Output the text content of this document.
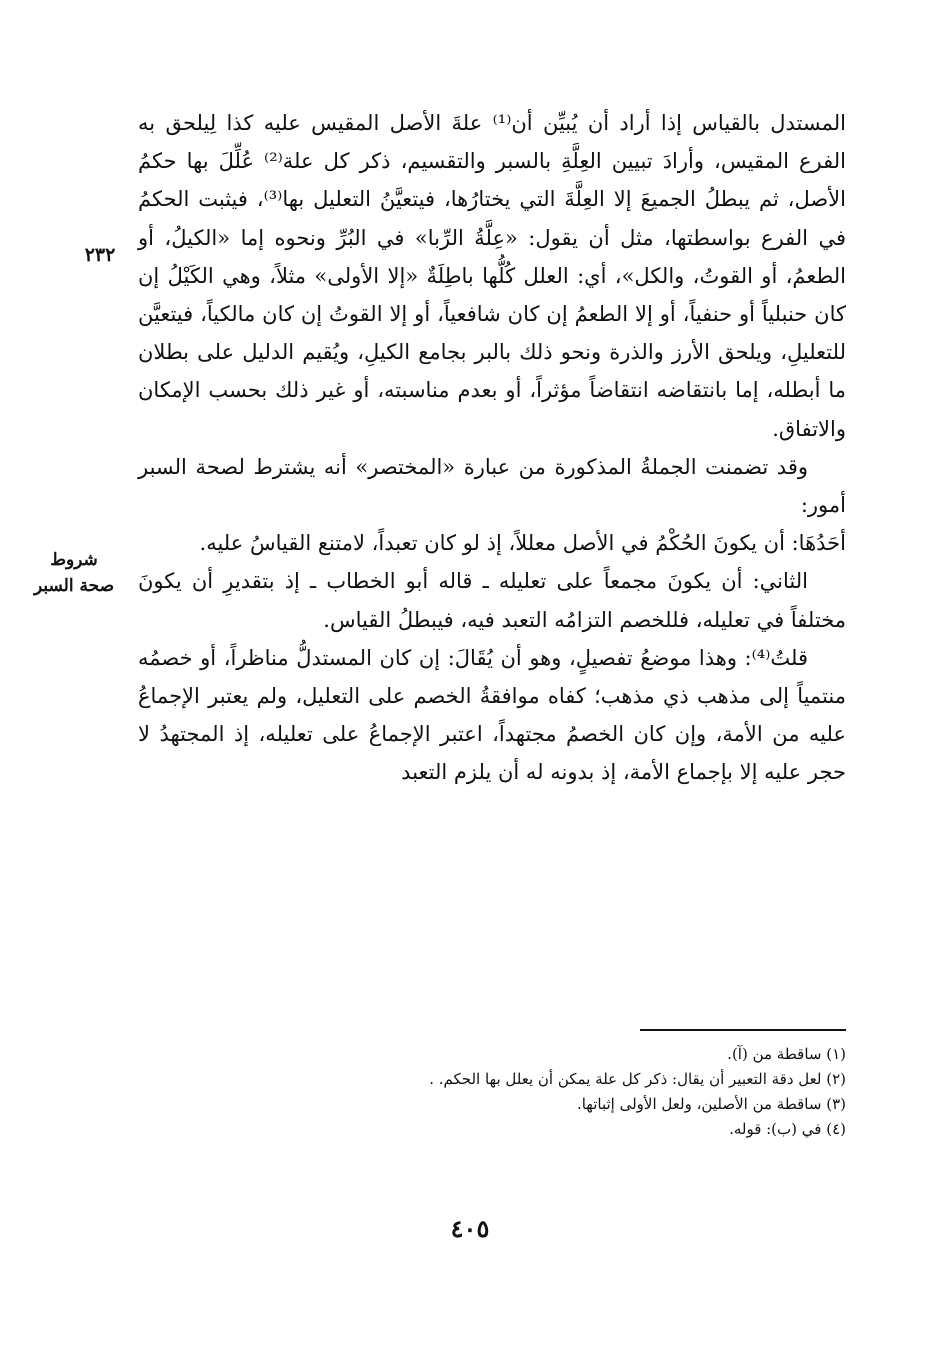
المستدل بالقياس إذا أراد أن يُبيِّن أن⁽¹⁾ علةَ الأصل المقيس عليه كذا لِيلحق به الفرع المقيس، وأرادَ تبيين العِلَّةِ بالسبر والتقسيم، ذكر كل علة⁽²⁾ عُلِّلَ بها حكمُ الأصل، ثم يبطلُ الجميعَ إلا العِلَّةَ التي يختارُها، فيتعيَّنُ التعليل بها⁽³⁾، فيثبت الحكمُ في الفرع بواسطتها، مثل أن يقول: «عِلَّةُ الرِّبا» في البُرِّ ونحوه إما «الكيلُ، أو الطعمُ، أو القوتُ، والكل»، أي: العلل كُلُّها باطِلَةٌ «إلا الأولى» مثلاً، وهي الكَيْلُ إن كان حنبلياً أو حنفياً، أو إلا الطعمُ إن كان شافعياً، أو إلا القوتُ إن كان مالكياً، فيتعيَّن للتعليلِ، ويلحق الأرز والذرة ونحو ذلك بالبر بجامع الكيلِ، ويُقيم الدليل على بطلان ما أبطله، إما بانتقاضه انتقاضاً مؤثراً، أو بعدم مناسبته، أو غير ذلك بحسب الإمكان والاتفاق.

وقد تضمنت الجملةُ المذكورة من عبارة «المختصر» أنه يشترط لصحة السبر أمور:

أحَدُهَا: أن يكونَ الحُكْمُ في الأصل معللاً، إذ لو كان تعبداً، لامتنع القياسُ عليه.

الثاني: أن يكونَ مجمعاً على تعليله ـ قاله أبو الخطاب ـ إذ بتقديرِ أن يكونَ مختلفاً في تعليله، فللخصم التزامُه التعبد فيه، فيبطلُ القياس.

قلتُ⁽⁴⁾: وهذا موضعُ تفصيلٍ، وهو أن يُقَالَ: إن كان المستدلُّ مناظراً، أو خصمُه منتمياً إلى مذهب ذي مذهب؛ كفاه موافقةُ الخصم على التعليل، ولم يعتبر الإجماعُ عليه من الأمة، وإن كان الخصمُ مجتهداً، اعتبر الإجماعُ على تعليله، إذ المجتهدُ لا حجر عليه إلا بإجماع الأمة، إذ بدونه له أن يلزم التعبد

٢٣٢
شروط
صحة السبر

(١) ساقطة من (آ).

(٢) لعل دقة التعبير أن يقال: ذكر كل علة يمكن أن يعلل بها الحكم. .

(٣) ساقطة من الأصلين، ولعل الأولى إثباتها.

(٤) في (ب): قوله.

٤٠٥
